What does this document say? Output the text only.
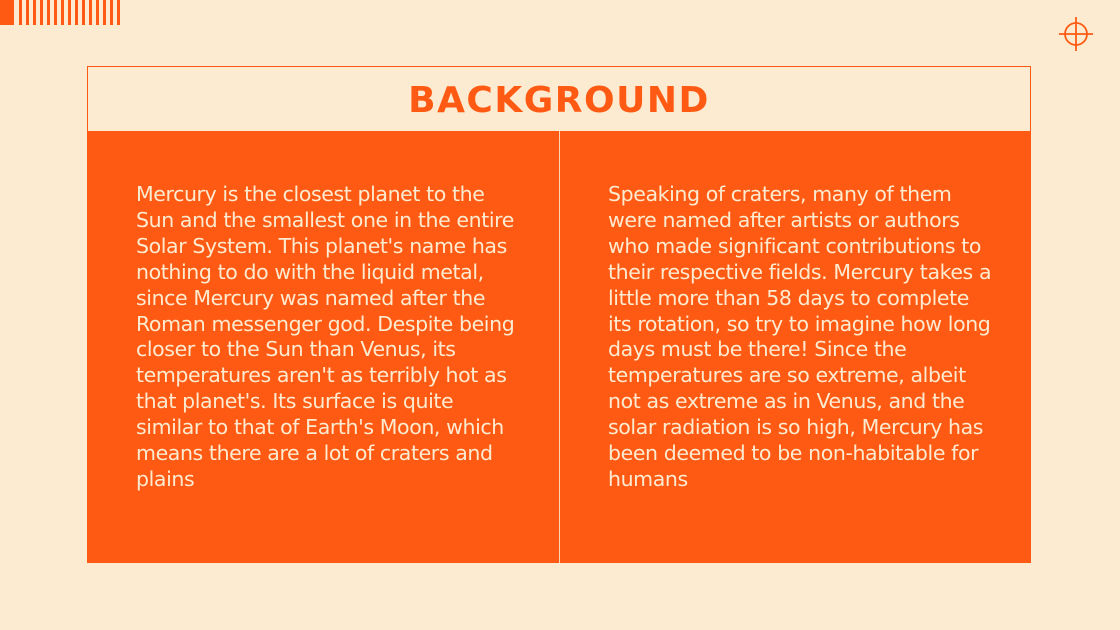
BACKGROUND

Mercury is the closest planet to the Sun and the smallest one in the entire Solar System. This planet's name has nothing to do with the liquid metal, since Mercury was named after the Roman messenger god. Despite being closer to the Sun than Venus, its temperatures aren't as terribly hot as that planet's. Its surface is quite similar to that of Earth's Moon, which means there are a lot of craters and plains

Speaking of craters, many of them were named after artists or authors who made significant contributions to their respective fields. Mercury takes a little more than 58 days to complete its rotation, so try to imagine how long days must be there! Since the temperatures are so extreme, albeit not as extreme as in Venus, and the solar radiation is so high, Mercury has been deemed to be non-habitable for humans
